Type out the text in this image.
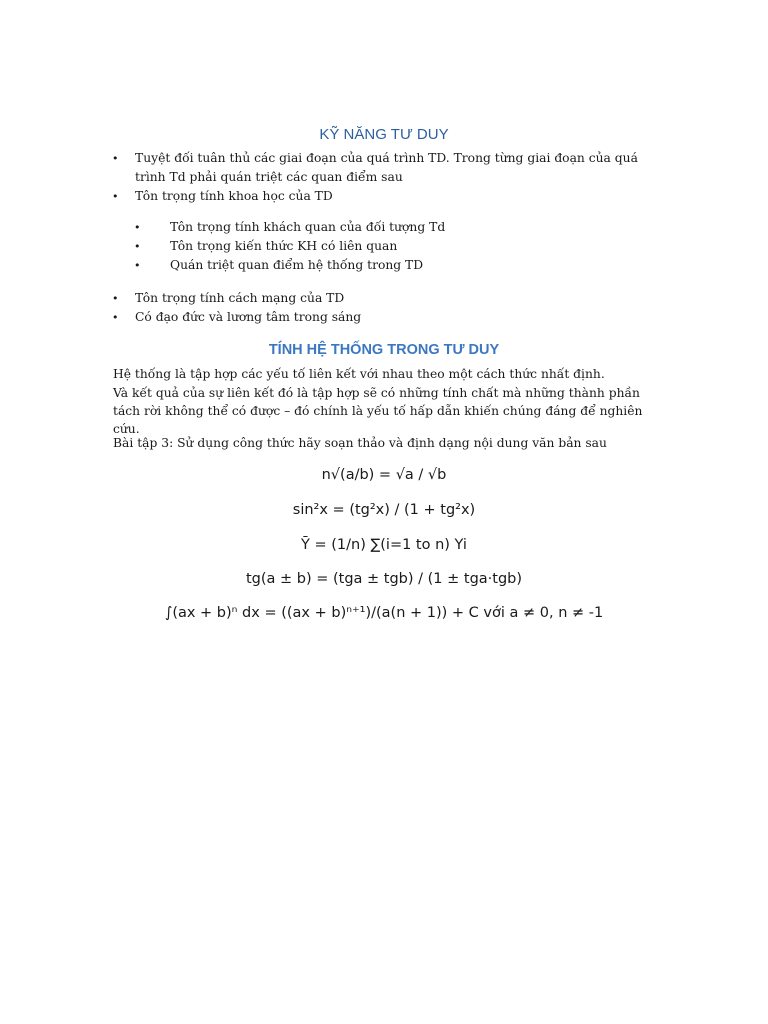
KỸ NĂNG TƯ DUY
• Tuyệt đối tuân thủ các giai đoạn của quá trình TD. Trong từng giai đoạn của quá trình Td phải quán triệt các quan điểm sau
• Tôn trọng tính khoa học của TD
• Tôn trọng tính khách quan của đối tượng Td
• Tôn trọng kiến thức KH có liên quan
• Quán triệt quan điểm hệ thống trong TD
• Tôn trọng tính cách mạng của TD
• Có đạo đức và lương tâm trong sáng
TÍNH HỆ THỐNG TRONG TƯ DUY

Hệ thống là tập hợp các yếu tố liên kết với nhau theo một cách thức nhất định.

Và kết quả của sự liên kết đó là tập hợp sẽ có những tính chất mà những thành phần tách rời không thể có được – đó chính là yếu tố hấp dẫn khiến chúng đáng để nghiên cứu.

Bài tập 3: Sử dụng công thức hãy soạn thảo và định dạng nội dung văn bản sau

n√(a/b) = √a / √b

sin²x = (tg²x) / (1 + tg²x)

Ȳ = (1/n) ∑(i=1 to n) Yi

tg(a ± b) = (tga ± tgb) / (1 ± tga·tgb)

∫(ax + b)ⁿ dx = ((ax + b)ⁿ⁺¹)/(a(n + 1)) + C với a ≠ 0, n ≠ -1
